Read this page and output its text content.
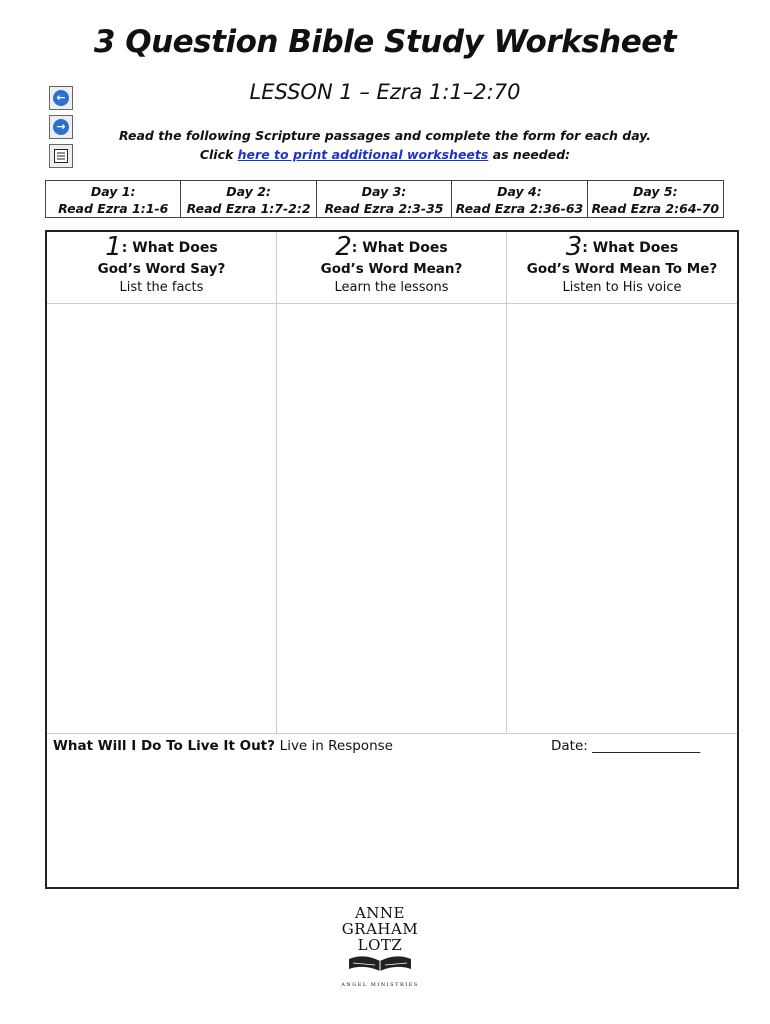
3 Question Bible Study Worksheet
LESSON 1 – Ezra 1:1–2:70
←
→
Read the following Scripture passages and complete the form for each day.
Click here to print additional worksheets as needed:
Day 1:
Read Ezra 1:1-6
Day 2:
Read Ezra 1:7-2:2
Day 3:
Read Ezra 2:3-35
Day 4:
Read Ezra 2:36-63
Day 5:
Read Ezra 2:64-70
1: What Does
God’s Word Say?
List the facts
2: What Does
God’s Word Mean?
Learn the lessons
3: What Does
God’s Word Mean To Me?
Listen to His voice
What Will I Do To Live It Out? Live in Response	Date: ________________
ANNE
GRAHAM
LOTZ
ANGEL MINISTRIES
